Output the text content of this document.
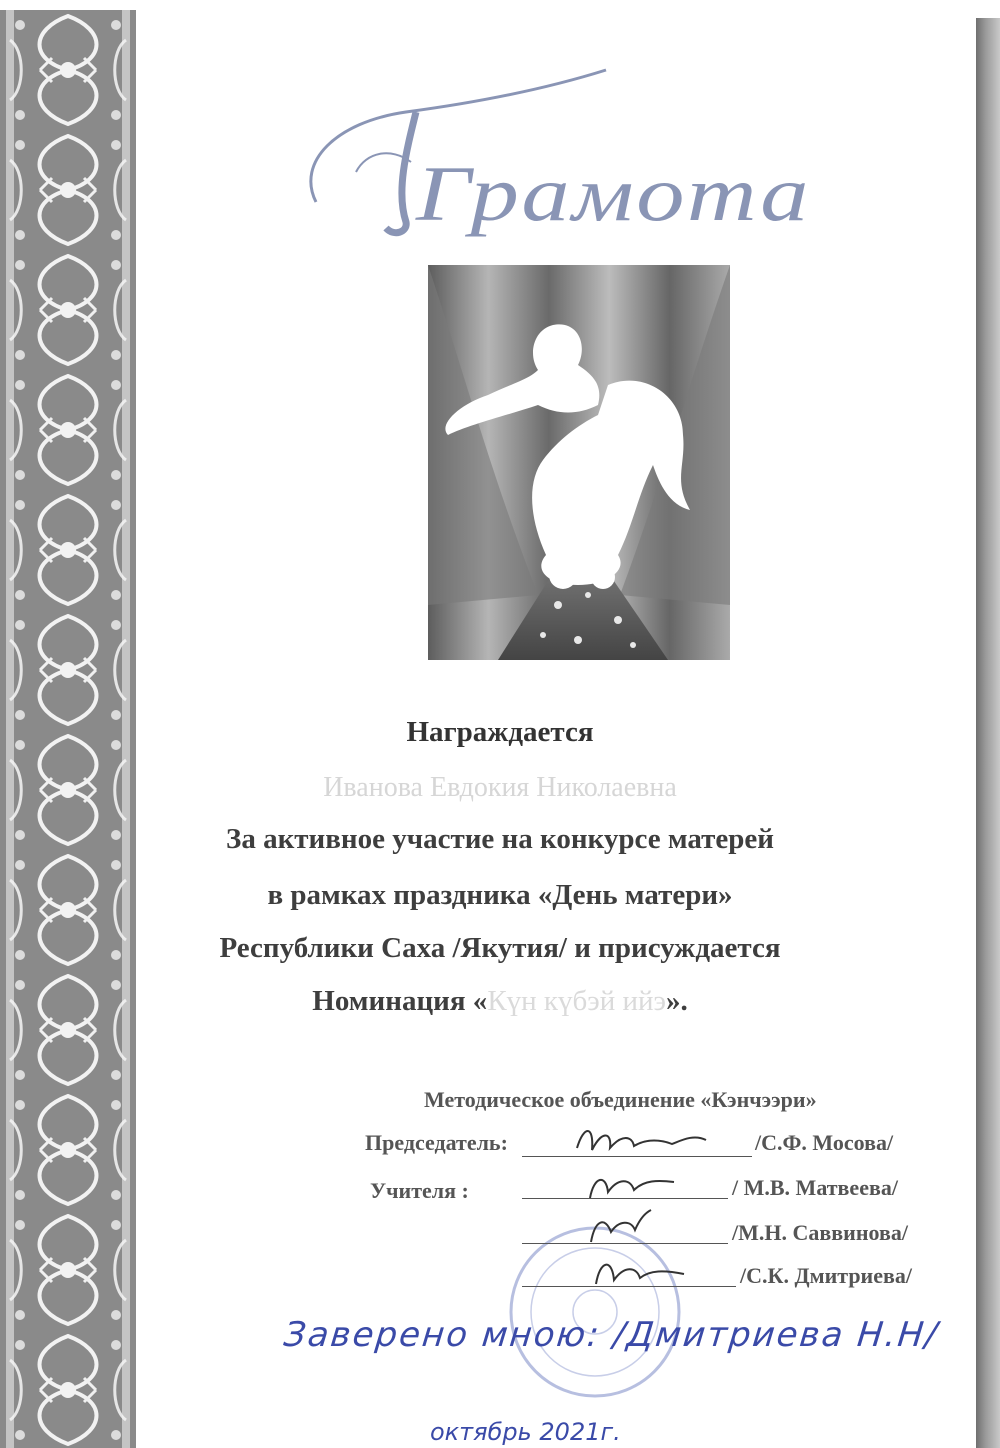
Грамота

Награждается

Иванова Евдокия Николаевна

За активное участие на конкурсе матерей

в рамках праздника «День матери»

Республики Саха /Якутия/ и присуждается

Номинация «Күн күбэй ийэ».

Методическое объединение «Кэнчээри»
Председатель:	/С.Ф. Мосова/
Учителя :	/ М.В. Матвеева/
/М.Н. Саввинова/
/С.К. Дмитриева/
Заверено мною: /Дмитриева Н.Н/
октябрь 2021г.
